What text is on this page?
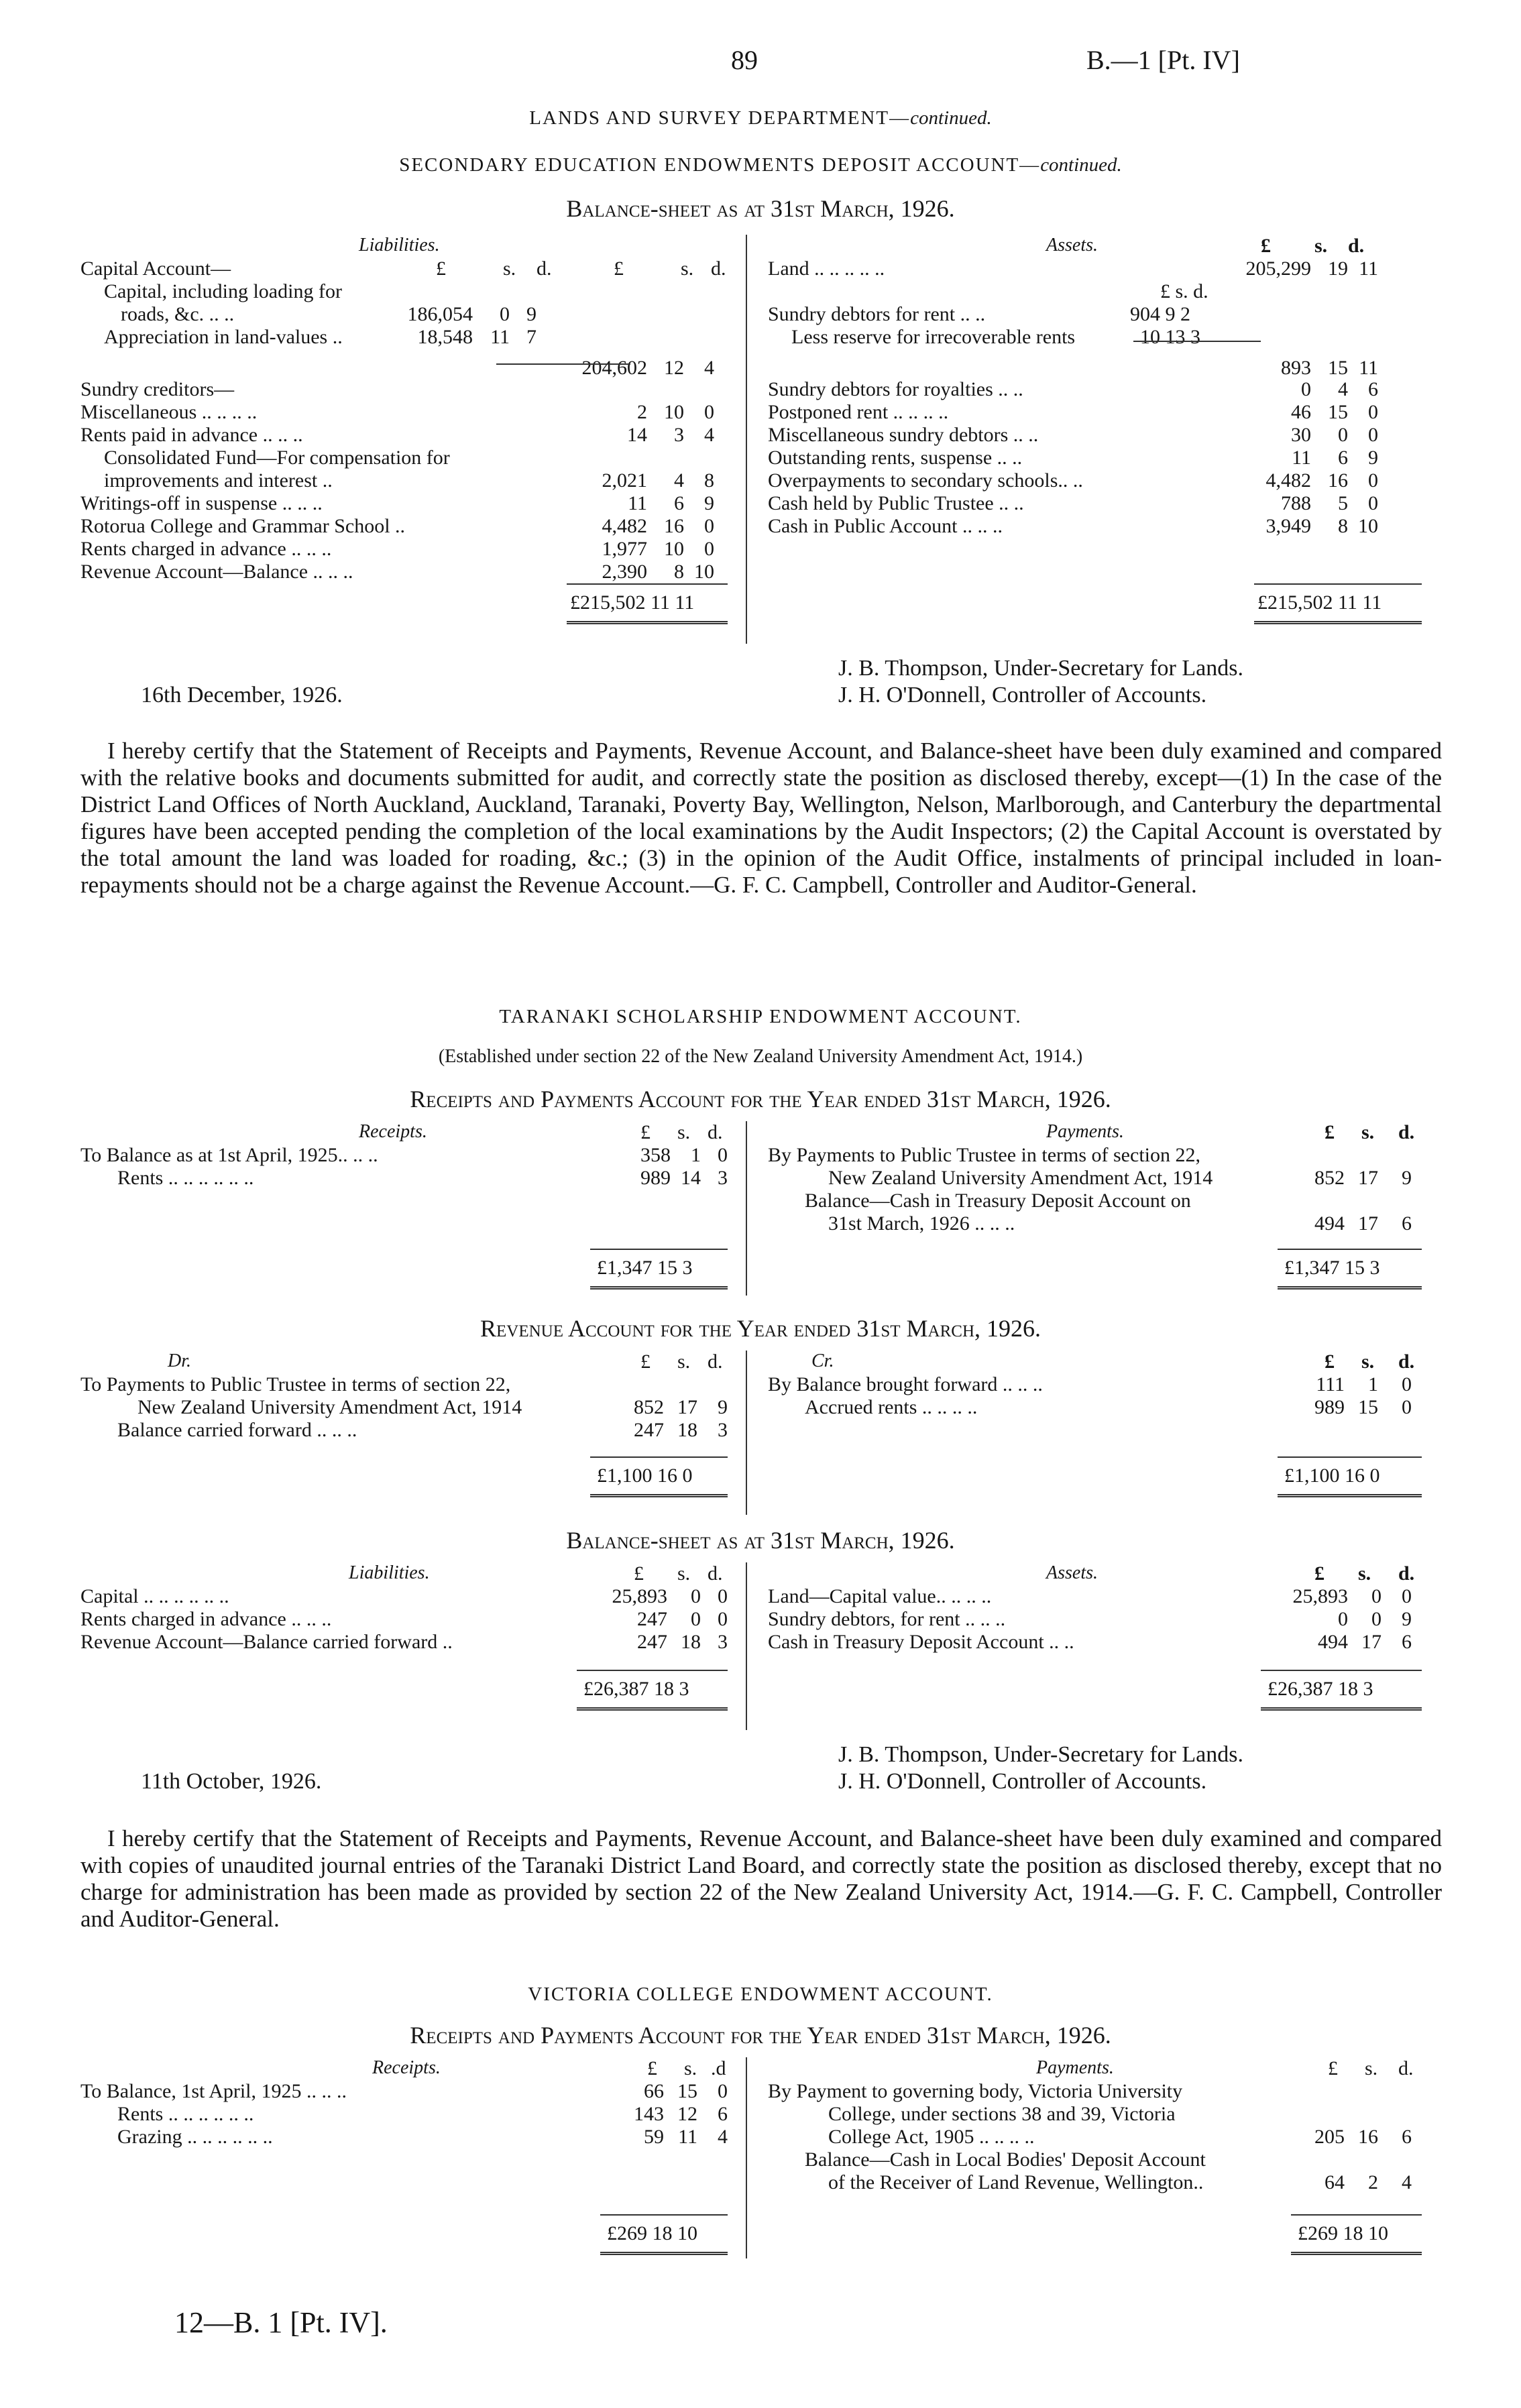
89	B.—1 [Pt. IV]
LANDS AND SURVEY DEPARTMENT—continued.
SECONDARY EDUCATION ENDOWMENTS DEPOSIT ACCOUNT—continued.
Balance-sheet as at 31st March, 1926.
Liabilities.	Assets.
£	s. d.	£	s. d.
£ s. d.
Capital Account—
Capital, including loading for
roads, &c. .. ..	186,054	0 9
Appreciation in land-values ..	18,548 11 7
204,602 12	4
Sundry creditors—
Miscellaneous .. .. .. ..	2 10	0
Rents paid in advance .. .. ..	14	3	4
Consolidated Fund—For compensation for
improvements and interest ..	2,021	4	8
Writings-off in suspense .. .. ..	11	6	9
Rotorua College and Grammar School ..	4,482 16	0
Rents charged in advance .. .. ..	1,977 10	0
Revenue Account—Balance .. .. ..	2,390	8 10
£215,502 11 11
Land .. .. .. .. ..	205,299 19 11
£ s. d.
Sundry debtors for rent .. ..	904 9 2
Less reserve for irrecoverable rents	10 13 3
893 15 11
Sundry debtors for royalties .. ..	0	4	6
Postponed rent .. .. .. ..	46 15	0
Miscellaneous sundry debtors .. ..	30	0	0
Outstanding rents, suspense .. ..	11	6	9
Overpayments to secondary schools.. ..	4,482 16	0
Cash held by Public Trustee .. ..	788	5	0
Cash in Public Account .. .. ..	3,949	8 10
£215,502 11 11
J. B. Thompson, Under-Secretary for Lands.
16th December, 1926.	J. H. O'Donnell, Controller of Accounts.
I hereby certify that the Statement of Receipts and Payments, Revenue Account, and Balance-sheet have been duly examined and compared with the relative books and documents submitted for audit, and correctly state the position as disclosed thereby, except—(1) In the case of the District Land Offices of North Auckland, Auckland, Taranaki, Poverty Bay, Wellington, Nelson, Marlborough, and Canterbury the departmental figures have been accepted pending the completion of the local examinations by the Audit Inspectors; (2) the Capital Account is overstated by the total amount the land was loaded for roading, &c.; (3) in the opinion of the Audit Office, instalments of principal included in loan-repayments should not be a charge against the Revenue Account.—G. F. C. Campbell, Controller and Auditor-General.
TARANAKI SCHOLARSHIP ENDOWMENT ACCOUNT.
(Established under section 22 of the New Zealand University Amendment Act, 1914.)
Receipts and Payments Account for the Year ended 31st March, 1926.
Receipts.	Payments.
£ s. d.	£ s. d.
To Balance as at 1st April, 1925.. .. ..	358	1 0
Rents .. .. .. .. .. ..	989 14 3
By Payments to Public Trustee in terms of section 22,
New Zealand University Amendment Act, 1914	852 17	9
Balance—Cash in Treasury Deposit Account on
31st March, 1926 .. .. ..	494 17	6
£1,347 15 3	£1,347 15 3
Revenue Account for the Year ended 31st March, 1926.
Dr.	Cr.
£ s. d.	£ s. d.
To Payments to Public Trustee in terms of section 22,
New Zealand University Amendment Act, 1914	852 17	9
Balance carried forward .. .. ..	247 18	3
By Balance brought forward .. .. ..	111	1	0
Accrued rents .. .. .. ..	989 15	0
£1,100 16 0	£1,100 16 0
Balance-sheet as at 31st March, 1926.
Liabilities.	Assets.
£ s. d.	£ s. d.
Capital .. .. .. .. .. ..	25,893	0 0
Rents charged in advance .. .. ..	247	0 0
Revenue Account—Balance carried forward ..	247 18 3
Land—Capital value.. .. .. ..	25,893	0	0
Sundry debtors, for rent .. .. ..	0	0	9
Cash in Treasury Deposit Account .. ..	494 17	6
£26,387 18 3	£26,387 18 3
J. B. Thompson, Under-Secretary for Lands.
11th October, 1926.	J. H. O'Donnell, Controller of Accounts.
I hereby certify that the Statement of Receipts and Payments, Revenue Account, and Balance-sheet have been duly examined and compared with copies of unaudited journal entries of the Taranaki District Land Board, and correctly state the position as disclosed thereby, except that no charge for administration has been made as provided by section 22 of the New Zealand University Act, 1914.—G. F. C. Campbell, Controller and Auditor-General.
VICTORIA COLLEGE ENDOWMENT ACCOUNT.
Receipts and Payments Account for the Year ended 31st March, 1926.
Receipts.	Payments.
£ s. .d	£ s. d.
To Balance, 1st April, 1925 .. .. ..	66 15	0
Rents .. .. .. .. .. ..	143 12	6
Grazing .. .. .. .. .. ..	59 11	4
By Payment to governing body, Victoria University
College, under sections 38 and 39, Victoria
College Act, 1905 .. .. .. ..	205 16	6
Balance—Cash in Local Bodies' Deposit Account
of the Receiver of Land Revenue, Wellington..	64	2	4
£269 18 10	£269 18 10
12—B. 1 [Pt. IV].
